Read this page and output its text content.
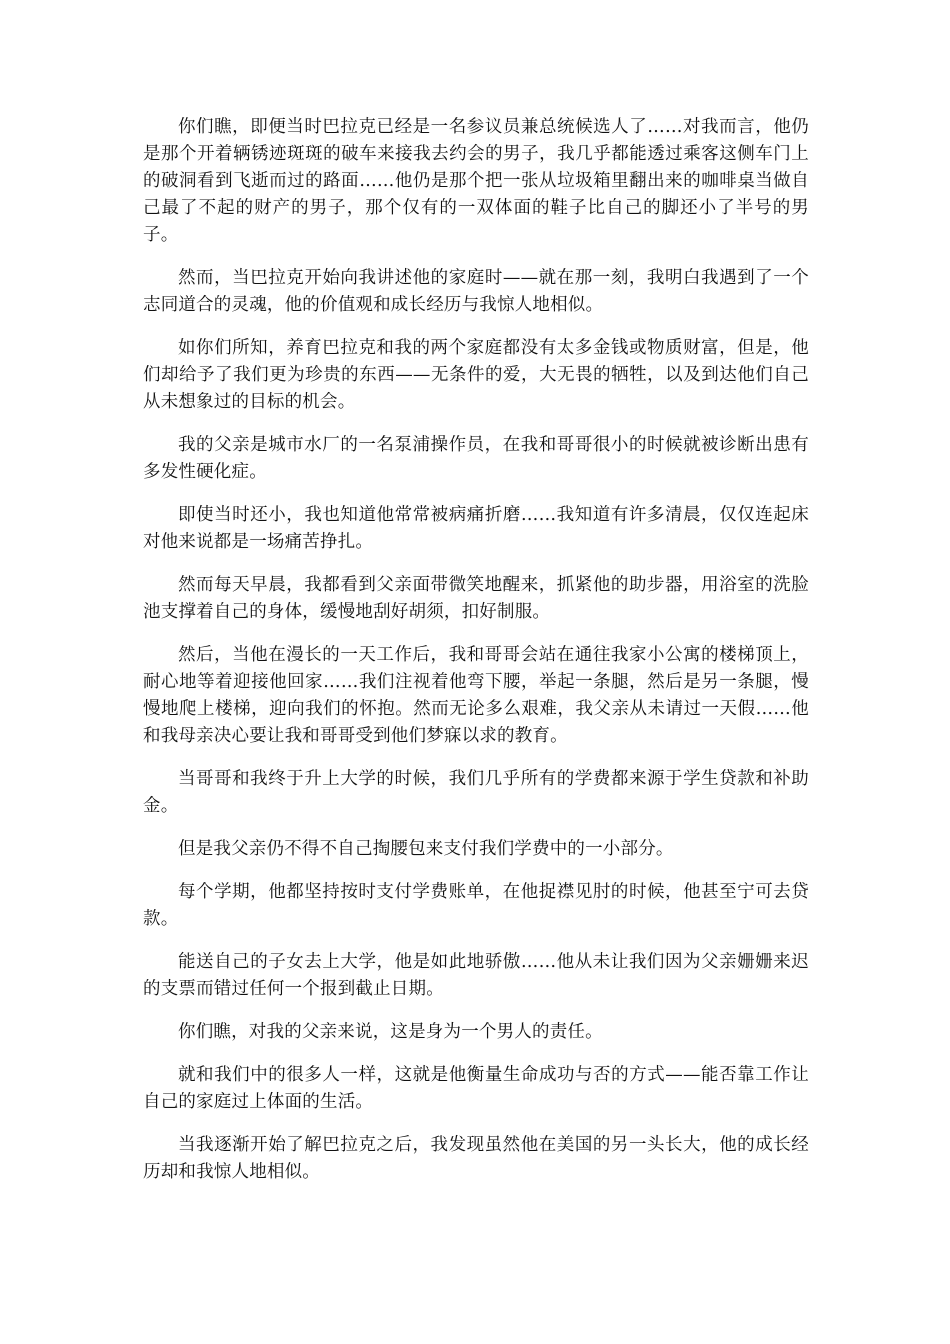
你们瞧，即便当时巴拉克已经是一名参议员兼总统候选人了……对我而言，他仍是那个开着辆锈迹斑斑的破车来接我去约会的男子，我几乎都能透过乘客这侧车门上的破洞看到飞逝而过的路面……他仍是那个把一张从垃圾箱里翻出来的咖啡桌当做自己最了不起的财产的男子，那个仅有的一双体面的鞋子比自己的脚还小了半号的男子。

然而，当巴拉克开始向我讲述他的家庭时——就在那一刻，我明白我遇到了一个志同道合的灵魂，他的价值观和成长经历与我惊人地相似。

如你们所知，养育巴拉克和我的两个家庭都没有太多金钱或物质财富，但是，他们却给予了我们更为珍贵的东西——无条件的爱，大无畏的牺牲，以及到达他们自己从未想象过的目标的机会。

我的父亲是城市水厂的一名泵浦操作员，在我和哥哥很小的时候就被诊断出患有多发性硬化症。

即使当时还小，我也知道他常常被病痛折磨……我知道有许多清晨，仅仅连起床对他来说都是一场痛苦挣扎。

然而每天早晨，我都看到父亲面带微笑地醒来，抓紧他的助步器，用浴室的洗脸池支撑着自己的身体，缓慢地刮好胡须，扣好制服。

然后，当他在漫长的一天工作后，我和哥哥会站在通往我家小公寓的楼梯顶上，耐心地等着迎接他回家……我们注视着他弯下腰，举起一条腿，然后是另一条腿，慢慢地爬上楼梯，迎向我们的怀抱。然而无论多么艰难，我父亲从未请过一天假……他和我母亲决心要让我和哥哥受到他们梦寐以求的教育。

当哥哥和我终于升上大学的时候，我们几乎所有的学费都来源于学生贷款和补助金。

但是我父亲仍不得不自己掏腰包来支付我们学费中的一小部分。

每个学期，他都坚持按时支付学费账单，在他捉襟见肘的时候，他甚至宁可去贷款。

能送自己的子女去上大学，他是如此地骄傲……他从未让我们因为父亲姗姗来迟的支票而错过任何一个报到截止日期。

你们瞧，对我的父亲来说，这是身为一个男人的责任。

就和我们中的很多人一样，这就是他衡量生命成功与否的方式——能否靠工作让自己的家庭过上体面的生活。

当我逐渐开始了解巴拉克之后，我发现虽然他在美国的另一头长大，他的成长经历却和我惊人地相似。
